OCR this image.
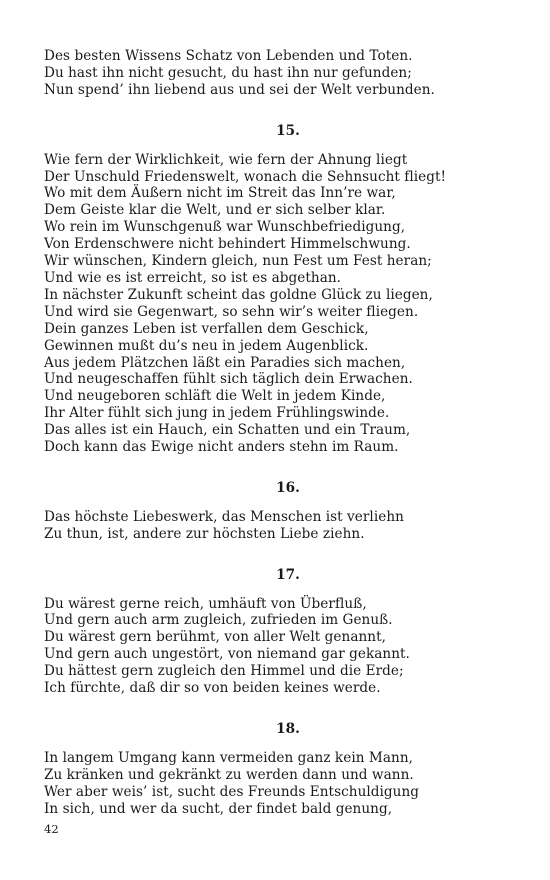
Des besten Wissens Schatz von Lebenden und Toten.
Du hast ihn nicht gesucht, du hast ihn nur gefunden;
Nun spend’ ihn liebend aus und sei der Welt verbunden.
15.
Wie fern der Wirklichkeit, wie fern der Ahnung liegt
Der Unschuld Friedenswelt, wonach die Sehnsucht fliegt!
Wo mit dem Äußern nicht im Streit das Inn’re war,
Dem Geiste klar die Welt, und er sich selber klar.
Wo rein im Wunschgenuß war Wunschbefriedigung,
Von Erdenschwere nicht behindert Himmelschwung.
Wir wünschen, Kindern gleich, nun Fest um Fest heran;
Und wie es ist erreicht, so ist es abgethan.
In nächster Zukunft scheint das goldne Glück zu liegen,
Und wird sie Gegenwart, so sehn wir’s weiter fliegen.
Dein ganzes Leben ist verfallen dem Geschick,
Gewinnen mußt du’s neu in jedem Augenblick.
Aus jedem Plätzchen läßt ein Paradies sich machen,
Und neugeschaffen fühlt sich täglich dein Erwachen.
Und neugeboren schläft die Welt in jedem Kinde,
Ihr Alter fühlt sich jung in jedem Frühlingswinde.
Das alles ist ein Hauch, ein Schatten und ein Traum,
Doch kann das Ewige nicht anders stehn im Raum.
16.
Das höchste Liebeswerk, das Menschen ist verliehn
Zu thun, ist, andere zur höchsten Liebe ziehn.
17.
Du wärest gerne reich, umhäuft von Überfluß,
Und gern auch arm zugleich, zufrieden im Genuß.
Du wärest gern berühmt, von aller Welt genannt,
Und gern auch ungestört, von niemand gar gekannt.
Du hättest gern zugleich den Himmel und die Erde;
Ich fürchte, daß dir so von beiden keines werde.
18.
In langem Umgang kann vermeiden ganz kein Mann,
Zu kränken und gekränkt zu werden dann und wann.
Wer aber weis’ ist, sucht des Freunds Entschuldigung
In sich, und wer da sucht, der findet bald genung,
42
